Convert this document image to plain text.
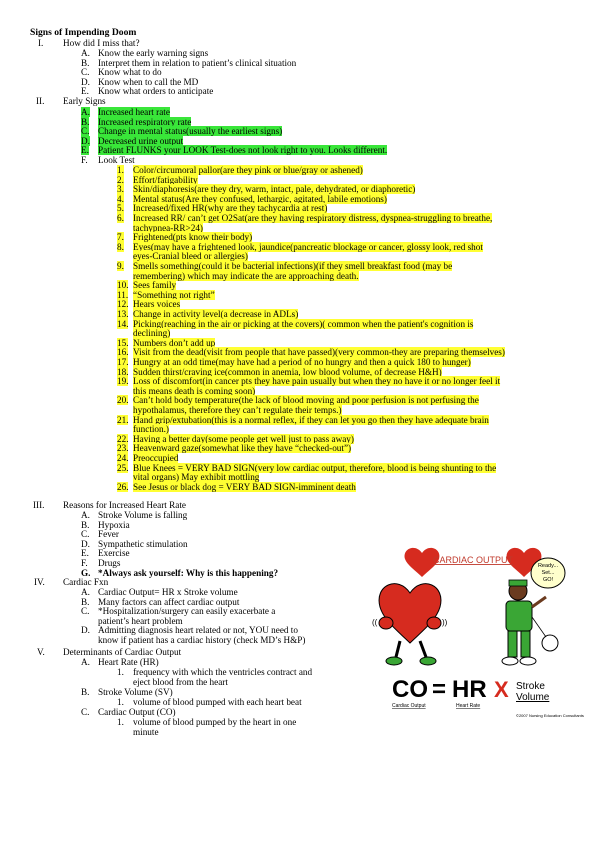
Signs of Impending Doom
I. How did I miss that?
A. Know the early warning signs
B. Interpret them in relation to patient’s clinical situation
C. Know what to do
D. Know when to call the MD
E. Know what orders to anticipate
II. Early Signs
A. Increased heart rate
B. Increased respiratory rate
C. Change in mental status(usually the earliest signs)
D. Decreased urine output
E. Patient FLUNKS your LOOK Test-does not look right to you. Looks different.
F. Look Test
1. Color/circumoral pallor(are they pink or blue/gray or ashened)
2. Effort/fatigability
3. Skin/diaphoresis(are they dry, warm, intact, pale, dehydrated, or diaphoretic)
4. Mental status(Are they confused, lethargic, agitated, labile emotions)
5. Increased/fixed HR(why are they tachycardia at rest)
6. Increased RR/ can’t get O2Sat(are they having respiratory distress, dyspnea-struggling to breathe,
tachypnea-RR>24)
7. Frightened(pts know their body)
8. Eyes(may have a frightened look, jaundice(pancreatic blockage or cancer, glossy look, red shot
eyes-Cranial bleed or allergies)
9. Smells something(could it be bacterial infections)(if they smell breakfast food (may be
remembering) which may indicate the are approaching death.
10. Sees family
11. “Something not right”
12. Hears voices
13. Change in activity level(a decrease in ADLs)
14. Picking(reaching in the air or picking at the covers)( common when the patient's cognition is
declining)
15. Numbers don’t add up
16. Visit from the dead(visit from people that have passed)(very common-they are preparing themselves)
17. Hungry at an odd time(may have had a period of no hungry and then a quick 180 to hunger)
18. Sudden thirst/craving ice(common in anemia, low blood volume, of decrease H&H)
19. Loss of discomfort(in cancer pts they have pain usually but when they no have it or no longer feel it
this means death is coming soon)
20. Can’t hold body temperature(the lack of blood moving and poor perfusion is not perfusing the
hypothalamus, therefore they can’t regulate their temps.)
21. Hand grip/extubation(this is a normal reflex, if they can let you go then they have adequate brain
function.)
22. Having a better day(some people get well just to pass away)
23. Heavenward gaze(somewhat like they have “checked-out”)
24. Preoccupied
25. Blue Knees = VERY BAD SIGN(very low cardiac output, therefore, blood is being shunting to the
vital organs) May exhibit mottling
26. See Jesus or black dog = VERY BAD SIGN-imminent death
III. Reasons for Increased Heart Rate
A. Stroke Volume is falling
B. Hypoxia
C. Fever
D. Sympathetic stimulation
E. Exercise
F. Drugs
G. *Always ask yourself: Why is this happening?
IV. Cardiac Fxn
A. Cardiac Output= HR x Stroke volume
B. Many factors can affect cardiac output
C. *Hospitalization/surgery can easily exacerbate a
patient’s heart problem
D. Admitting diagnosis heart related or not, YOU need to
know if patient has a cardiac history (check MD’s H&P)
V. Determinants of Cardiac Output
A. Heart Rate (HR)
1. frequency with which the ventricles contract and
eject blood from the heart
B. Stroke Volume (SV)
1. volume of blood pumped with each heart beat
C. Cardiac Output (CO)
1. volume of blood pumped by the heart in one
minute
CARDIAC OUTPUT
((	))
Ready...
Set...
GO!
CO = HR X Stroke
Volume
Cardiac Output	Heart Rate
©2007 Nursing Education Consultants
